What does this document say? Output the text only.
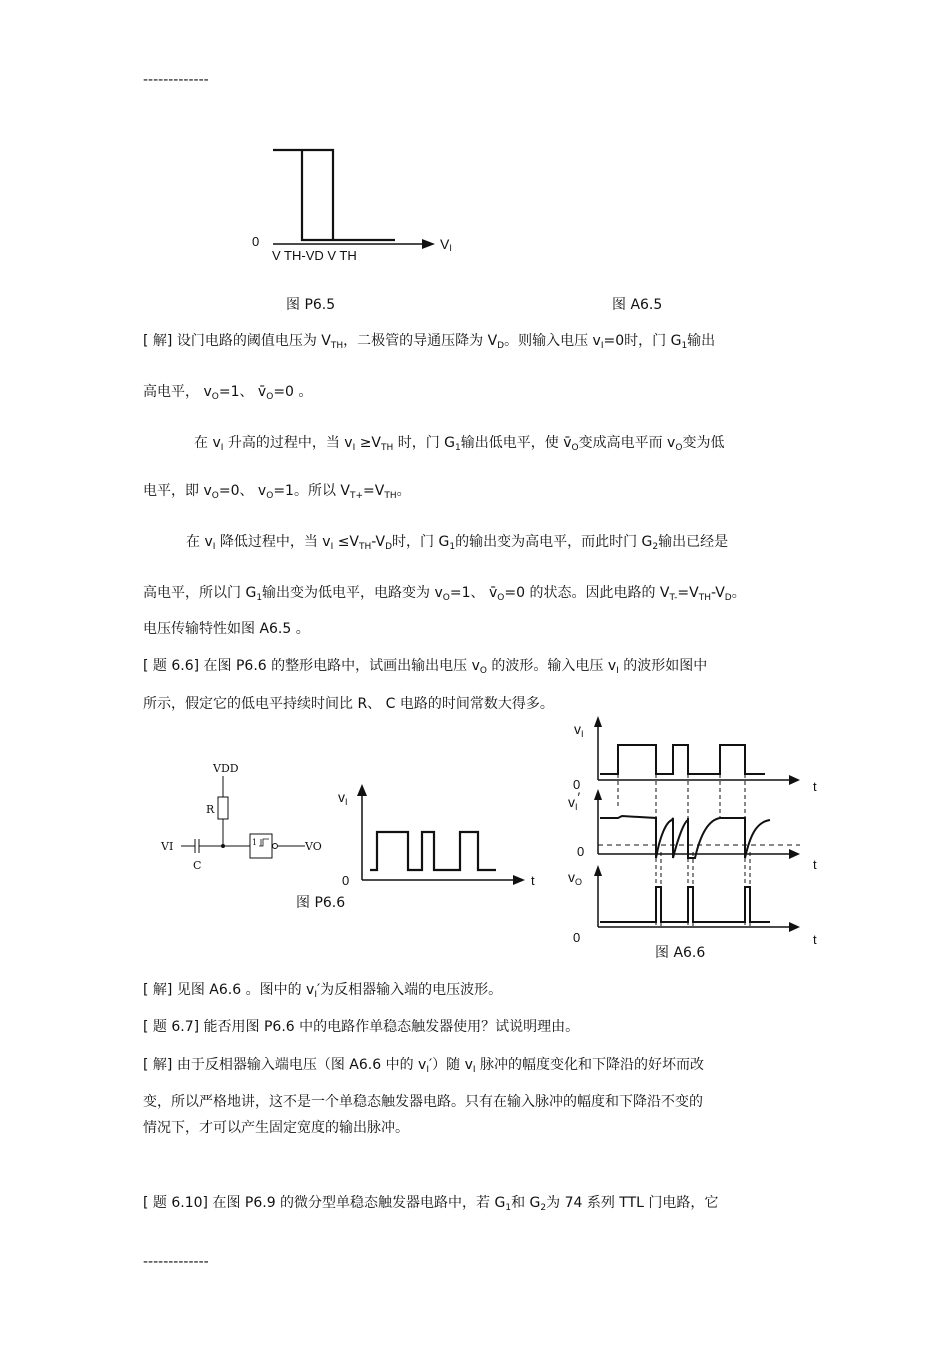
-------------
0	VI
V TH-VD V TH
图 P6.5	图 A6.5
[ 解] 设门电路的阈值电压为 $V_{TH}$，二极管的导通压降为 $V_D$。则输入电压 $v_I=0$时，门 $G_1$输出
高电平， $v_O=1$、 $v̄_O=0$ 。
在 $v_I$ 升高的过程中，当 $v_I \ge V_{TH}$ 时，门 $G_1$输出低电平，使 $v̄_O$变成高电平而 $v_O$变为低
电平，即 $v_O=0$、 $v_O=1$。所以 $V_{T+}=V_{TH}$。
在 $v_I$ 降低过程中，当 $v_I \le V_{TH}-V_D$时，门 $G_1$的输出变为高电平，而此时门 $G_2$输出已经是
高电平，所以门 $G_1$输出变为低电平，电路变为 $v_O=1$、 $v̄_O=0$ 的状态。因此电路的 $V_{T-}=V_{TH}-V_D$。
电压传输特性如图 A6.5 。
[ 题 6.6] 在图 P6.6 的整形电路中，试画出输出电压 $v_O$ 的波形。输入电压 $v_I$ 的波形如图中
所示，假定它的低电平持续时间比 R、 C 电路的时间常数大得多。
VDD
R
VI
C
1	VO
$v_I$
0	t
图 P6.6
$v_I$
$v_I'$
$v_O$
0
0
0
t
t
t
图 A6.6
[ 解] 见图 A6.6 。图中的 $v_I'$为反相器输入端的电压波形。
[ 题 6.7] 能否用图 P6.6 中的电路作单稳态触发器使用？试说明理由。
[ 解] 由于反相器输入端电压（图 A6.6 中的 $v_I'$）随 $v_I$ 脉冲的幅度变化和下降沿的好坏而改
变，所以严格地讲，这不是一个单稳态触发器电路。只有在输入脉冲的幅度和下降沿不变的
情况下，才可以产生固定宽度的输出脉冲。
[ 题 6.10] 在图 P6.9 的微分型单稳态触发器电路中，若 $G_1$和 $G_2$为 74 系列 TTL 门电路，它
-------------
